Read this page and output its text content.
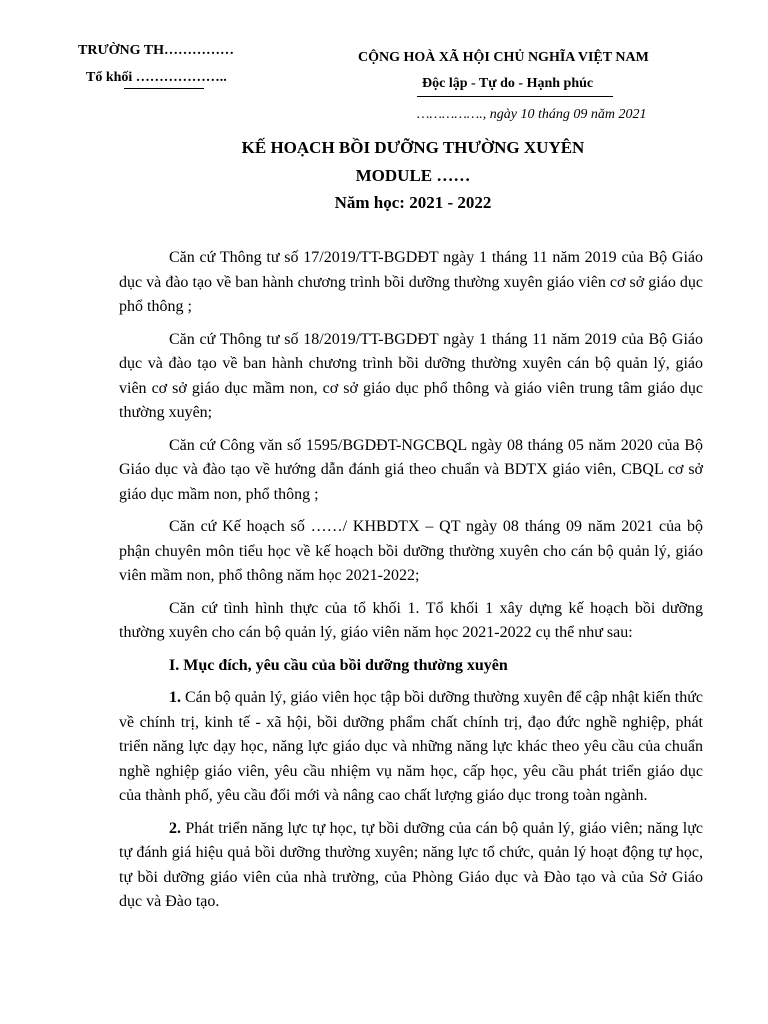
TRƯỜNG TH……………
Tổ khối ………………..
CỘNG HOÀ XÃ HỘI CHỦ NGHĨA VIỆT NAM
Độc lập - Tự do - Hạnh phúc
……………., ngày 10 tháng 09 năm 2021
KẾ HOẠCH BỒI DƯỠNG THƯỜNG XUYÊN
MODULE ……
Năm học: 2021 - 2022

Căn cứ Thông tư số 17/2019/TT-BGDĐT ngày 1 tháng 11 năm 2019 của Bộ Giáo dục và đào tạo về ban hành chương trình bồi dưỡng thường xuyên giáo viên cơ sở giáo dục phổ thông ;

Căn cứ Thông tư số 18/2019/TT-BGDĐT ngày 1 tháng 11 năm 2019 của Bộ Giáo dục và đào tạo về ban hành chương trình bồi dưỡng thường xuyên cán bộ quản lý, giáo viên cơ sở giáo dục mầm non, cơ sở giáo dục phổ thông và giáo viên trung tâm giáo dục thường xuyên;

Căn cứ Công văn số 1595/BGDĐT-NGCBQL ngày 08 tháng 05 năm 2020 của Bộ Giáo dục và đào tạo về hướng dẫn đánh giá theo chuẩn và BDTX giáo viên, CBQL cơ sở giáo dục mầm non, phổ thông ;

Căn cứ Kế hoạch số ……/ KHBDTX – QT ngày 08 tháng 09 năm 2021 của bộ phận chuyên môn tiểu học về kế hoạch bồi dưỡng thường xuyên cho cán bộ quản lý, giáo viên mầm non, phổ thông năm học 2021-2022;

Căn cứ tình hình thực của tổ khối 1. Tổ khối 1 xây dựng kế hoạch bồi dưỡng thường xuyên cho cán bộ quản lý, giáo viên năm học 2021-2022 cụ thể như sau:

I. Mục đích, yêu cầu của bồi dưỡng thường xuyên

1. Cán bộ quản lý, giáo viên học tập bồi dưỡng thường xuyên để cập nhật kiến thức về chính trị, kinh tế - xã hội, bồi dưỡng phẩm chất chính trị, đạo đức nghề nghiệp, phát triển năng lực dạy học, năng lực giáo dục và những năng lực khác theo yêu cầu của chuẩn nghề nghiệp giáo viên, yêu cầu nhiệm vụ năm học, cấp học, yêu cầu phát triển giáo dục của thành phố, yêu cầu đổi mới và nâng cao chất lượng giáo dục trong toàn ngành.

2. Phát triển năng lực tự học, tự bồi dưỡng của cán bộ quản lý, giáo viên; năng lực tự đánh giá hiệu quả bồi dưỡng thường xuyên; năng lực tổ chức, quản lý hoạt động tự học, tự bồi dưỡng giáo viên của nhà trường, của Phòng Giáo dục và Đào tạo và của Sở Giáo dục và Đào tạo.
